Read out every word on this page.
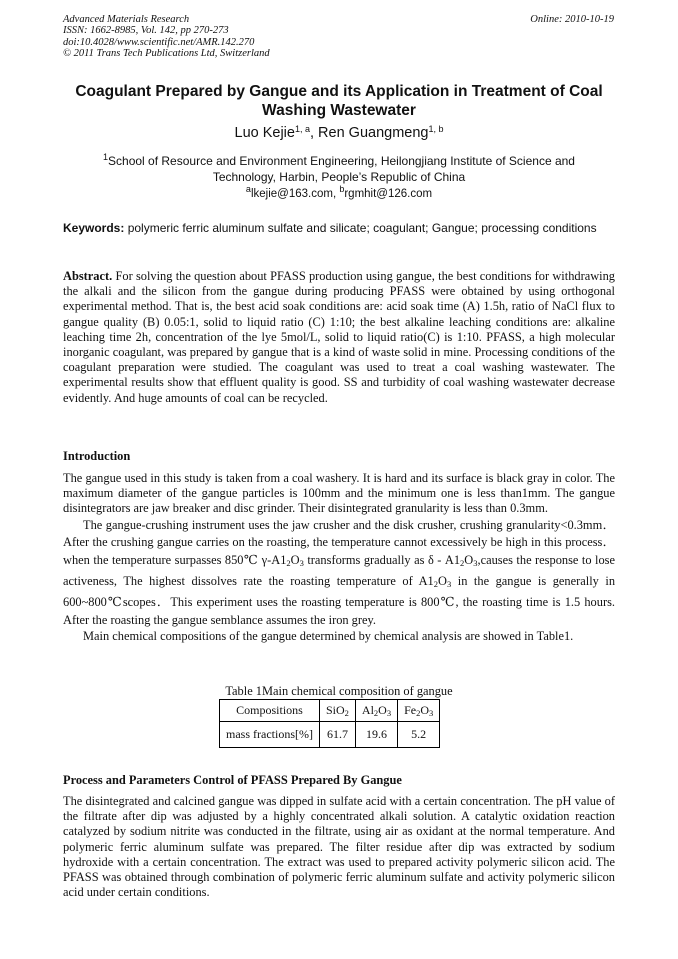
Advanced Materials Research
ISSN: 1662-8985, Vol. 142, pp 270-273
doi:10.4028/www.scientific.net/AMR.142.270
© 2011 Trans Tech Publications Ltd, Switzerland
Online: 2010-10-19
Coagulant Prepared by Gangue and its Application in Treatment of Coal Washing Wastewater
Luo Kejie$^{1, a}$, Ren Guangmeng$^{1, b}$
$^1$School of Resource and Environment Engineering, Heilongjiang Institute of Science and Technology, Harbin, People’s Republic of China
$^a$lkejie@163.com, $^b$rgmhit@126.com
Keywords: polymeric ferric aluminum sulfate and silicate; coagulant; Gangue; processing conditions
Abstract. For solving the question about PFASS production using gangue, the best conditions for withdrawing the alkali and the silicon from the gangue during producing PFASS were obtained by using orthogonal experimental method. That is, the best acid soak conditions are: acid soak time (A) 1.5h, ratio of NaCl flux to gangue quality (B) 0.05:1, solid to liquid ratio (C) 1:10; the best alkaline leaching conditions are: alkaline leaching time 2h, concentration of the lye 5mol/L, solid to liquid ratio(C) is 1:10. PFASS, a high molecular inorganic coagulant, was prepared by gangue that is a kind of waste solid in mine. Processing conditions of the coagulant preparation were studied. The coagulant was used to treat a coal washing wastewater. The experimental results show that effluent quality is good. SS and turbidity of coal washing wastewater decrease evidently. And huge amounts of coal can be recycled.
Introduction

The gangue used in this study is taken from a coal washery. It is hard and its surface is black gray in color. The maximum diameter of the gangue particles is 100mm and the minimum one is less than1mm. The gangue disintegrators are jaw breaker and disc grinder. Their disintegrated granularity is less than 0.3mm.

The gangue-crushing instrument uses the jaw crusher and the disk crusher, crushing granularity<0.3mm．After the crushing gangue carries on the roasting, the temperature cannot excessively be high in this process．when the temperature surpasses 850℃ $\gamma-A1_2O_3$ transforms gradually as δ - $A1_2O_3,causes$ the response to lose activeness, The highest dissolves rate the roasting temperature of $A1_2O_3$ in the gangue is generally in 600~800℃scopes．This experiment uses the roasting temperature is 800℃, the roasting time is 1.5 hours. After the roasting the gangue semblance assumes the iron grey.

Main chemical compositions of the gangue determined by chemical analysis are showed in Table1.

Table 1Main chemical composition of gangue
Compositions	SiO$_2$	$Al_2O_3$	$Fe_2O_3$
mass fractions[%]	61.7	19.6	5.2
Process and Parameters Control of PFASS Prepared By Gangue

The disintegrated and calcined gangue was dipped in sulfate acid with a certain concentration. The pH value of the filtrate after dip was adjusted by a highly concentrated alkali solution. A catalytic oxidation reaction catalyzed by sodium nitrite was conducted in the filtrate, using air as oxidant at the normal temperature. And polymeric ferric aluminum sulfate was prepared. The filter residue after dip was extracted by sodium hydroxide with a certain concentration. The extract was used to prepared activity polymeric silicon acid. The PFASS was obtained through combination of polymeric ferric aluminum sulfate and activity polymeric silicon acid under certain conditions.
